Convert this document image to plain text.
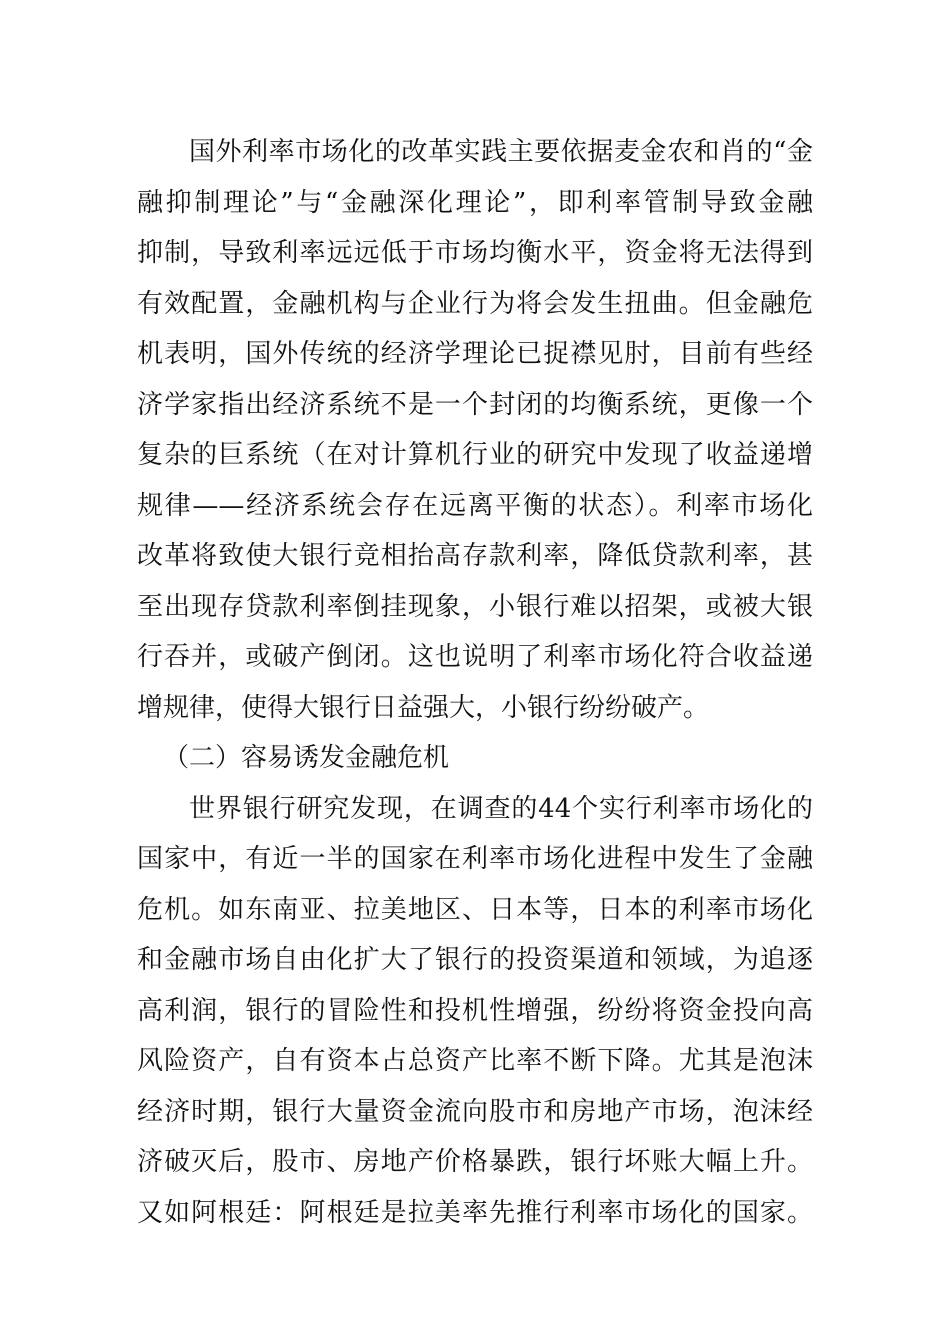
国外利率市场化的改革实践主要依据麦金农和肖的“金
融抑制理论”与“金融深化理论”，即利率管制导致金融
抑制，导致利率远远低于市场均衡水平，资金将无法得到
有效配置，金融机构与企业行为将会发生扭曲。但金融危
机表明，国外传统的经济学理论已捉襟见肘，目前有些经
济学家指出经济系统不是一个封闭的均衡系统，更像一个
复杂的巨系统（在对计算机行业的研究中发现了收益递增
规律——经济系统会存在远离平衡的状态）。利率市场化
改革将致使大银行竞相抬高存款利率，降低贷款利率，甚
至出现存贷款利率倒挂现象，小银行难以招架，或被大银
行吞并，或破产倒闭。这也说明了利率市场化符合收益递
增规律，使得大银行日益强大，小银行纷纷破产。
（二）容易诱发金融危机
世界银行研究发现，在调查的44个实行利率市场化的
国家中，有近一半的国家在利率市场化进程中发生了金融
危机。如东南亚、拉美地区、日本等，日本的利率市场化
和金融市场自由化扩大了银行的投资渠道和领域，为追逐
高利润，银行的冒险性和投机性增强，纷纷将资金投向高
风险资产，自有资本占总资产比率不断下降。尤其是泡沫
经济时期，银行大量资金流向股市和房地产市场，泡沫经
济破灭后，股市、房地产价格暴跌，银行坏账大幅上升。
又如阿根廷：阿根廷是拉美率先推行利率市场化的国家。
